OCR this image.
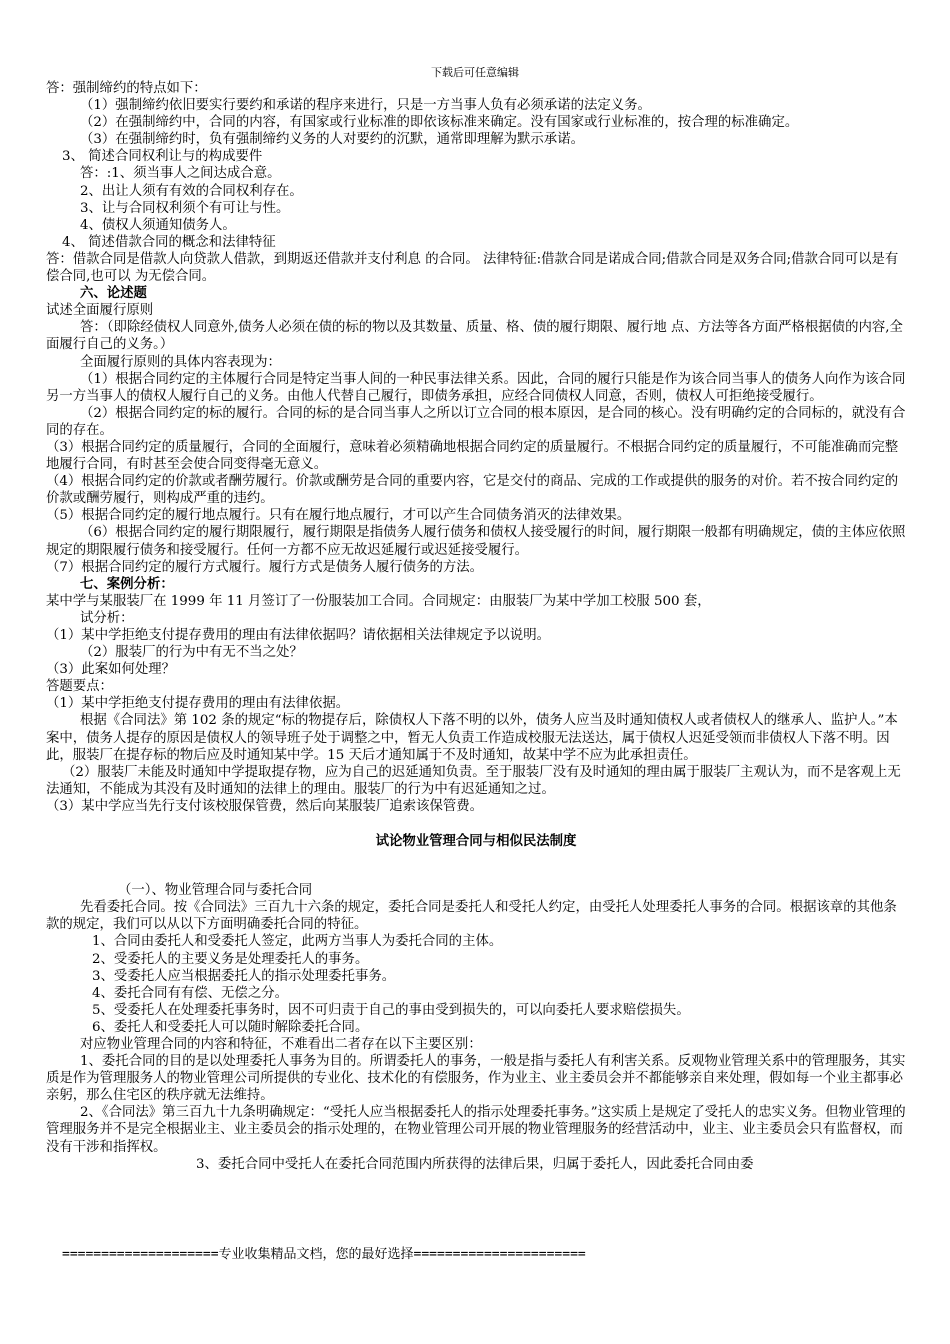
下载后可任意编辑

答：强制缔约的特点如下：

（1）强制缔约依旧要实行要约和承诺的程序来进行，只是一方当事人负有必须承诺的法定义务。

（2）在强制缔约中，合同的内容，有国家或行业标准的即依该标准来确定。没有国家或行业标准的，按合理的标准确定。

（3）在强制缔约时，负有强制缔约义务的人对要约的沉默，通常即理解为默示承诺。

3、 简述合同权利让与的构成要件

答：:1、须当事人之间达成合意。

2、出让人须有有效的合同权利存在。

3、让与合同权利须个有可让与性。

4、债权人须通知债务人。

4、 简述借款合同的概念和法律特征

答：借款合同是借款人向贷款人借款，到期返还借款并支付利息 的合同。 法律特征:借款合同是诺成合同;借款合同是双务合同;借款合同可以是有偿合同,也可以 为无偿合同。

六、论述题

试述全面履行原则

答：（即除经债权人同意外,债务人必须在债的标的物以及其数量、质量、格、债的履行期限、履行地 点、方法等各方面严格根据债的内容,全面履行自己的义务。）

全面履行原则的具体内容表现为：

（1）根据合同约定的主体履行合同是特定当事人间的一种民事法律关系。因此，合同的履行只能是作为该合同当事人的债务人向作为该合同另一方当事人的债权人履行自己的义务。由他人代替自己履行，即债务承担，应经合同债权人同意，否则，债权人可拒绝接受履行。

（2）根据合同约定的标的履行。合同的标的是合同当事人之所以订立合同的根本原因，是合同的核心。没有明确约定的合同标的，就没有合同的存在。

（3）根据合同约定的质量履行，合同的全面履行，意味着必须精确地根据合同约定的质量履行。不根据合同约定的质量履行，不可能准确而完整地履行合同，有时甚至会使合同变得毫无意义。

（4）根据合同约定的价款或者酬劳履行。价款或酬劳是合同的重要内容，它是交付的商品、完成的工作或提供的服务的对价。若不按合同约定的价款或酬劳履行，则构成严重的违约。

（5）根据合同约定的履行地点履行。只有在履行地点履行，才可以产生合同债务消灭的法律效果。

（6）根据合同约定的履行期限履行，履行期限是指债务人履行债务和债权人接受履行的时间，履行期限一般都有明确规定，债的主体应依照规定的期限履行债务和接受履行。任何一方都不应无故迟延履行或迟延接受履行。

（7）根据合同约定的履行方式履行。履行方式是债务人履行债务的方法。

七、案例分析：

某中学与某服装厂在 1999 年 11 月签订了一份服装加工合同。合同规定：由服装厂为某中学加工校服 500 套，

试分析：

（1）某中学拒绝支付提存费用的理由有法律依据吗？请依据相关法律规定予以说明。

（2）服装厂的行为中有无不当之处？

（3）此案如何处理？

答题要点：

（1）某中学拒绝支付提存费用的理由有法律依据。

根据《合同法》第 102 条的规定“标的物提存后，除债权人下落不明的以外，债务人应当及时通知债权人或者债权人的继承人、监护人。”本案中，债务人提存的原因是债权人的领导班子处于调整之中，暂无人负责工作造成校服无法送达，属于债权人迟延受领而非债权人下落不明。因此，服装厂在提存标的物后应及时通知某中学。15 天后才通知属于不及时通知，故某中学不应为此承担责任。

（2）服装厂未能及时通知中学提取提存物，应为自己的迟延通知负责。至于服装厂没有及时通知的理由属于服装厂主观认为，而不是客观上无法通知，不能成为其没有及时通知的法律上的理由。服装厂的行为中有迟延通知之过。

（3）某中学应当先行支付该校服保管费，然后向某服装厂追索该保管费。

试论物业管理合同与相似民法制度

（一）、物业管理合同与委托合同

先看委托合同。按《合同法》三百九十六条的规定，委托合同是委托人和受托人约定，由受托人处理委托人事务的合同。根据该章的其他条款的规定，我们可以从以下方面明确委托合同的特征。

1、合同由委托人和受委托人签定，此两方当事人为委托合同的主体。

2、受委托人的主要义务是处理委托人的事务。

3、受委托人应当根据委托人的指示处理委托事务。

4、委托合同有有偿、无偿之分。

5、受委托人在处理委托事务时，因不可归责于自己的事由受到损失的，可以向委托人要求赔偿损失。

6、委托人和受委托人可以随时解除委托合同。

对应物业管理合同的内容和特征，不难看出二者存在以下主要区别：

1、委托合同的目的是以处理委托人事务为目的。所谓委托人的事务，一般是指与委托人有利害关系。反观物业管理关系中的管理服务，其实质是作为管理服务人的物业管理公司所提供的专业化、技术化的有偿服务，作为业主、业主委员会并不都能够亲自来处理，假如每一个业主都事必亲躬，那么住宅区的秩序就无法维持。

2、《合同法》第三百九十九条明确规定：“受托人应当根据委托人的指示处理委托事务。”这实质上是规定了受托人的忠实义务。但物业管理的管理服务并不是完全根据业主、业主委员会的指示处理的，在物业管理公司开展的物业管理服务的经营活动中，业主、业主委员会只有监督权，而没有干涉和指挥权。

3、委托合同中受托人在委托合同范围内所获得的法律后果，归属于委托人，因此委托合同由委

====================专业收集精品文档，您的最好选择======================
